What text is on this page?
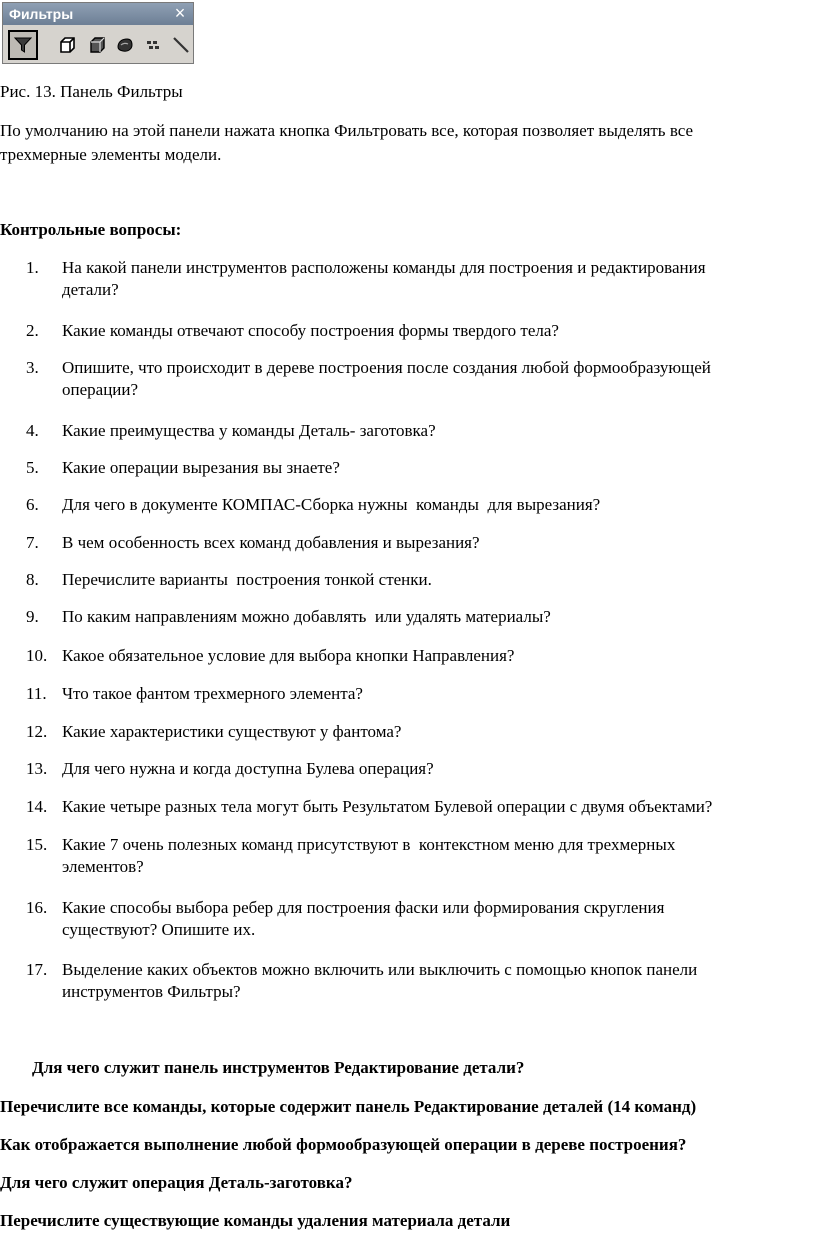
Фильтры	×
Рис. 13. Панель Фильтры
По умолчанию на этой панели нажата кнопка Фильтровать все, которая позволяет выделять все
трехмерные элементы модели.
Контрольные вопросы:
1.	На какой панели инструментов расположены команды для построения и редактирования
детали?
2.	Какие команды отвечают способу построения формы твердого тела?
3.	Опишите, что происходит в дереве построения после создания любой формообразующей
операции?
4.	Какие преимущества у команды Деталь- заготовка?
5.	Какие операции вырезания вы знаете?
6.	Для чего в документе КОМПАС-Сборка нужны  команды  для вырезания?
7.	В чем особенность всех команд добавления и вырезания?
8.	Перечислите варианты  построения тонкой стенки.
9.	По каким направлениям можно добавлять  или удалять материалы?
10. Какое обязательное условие для выбора кнопки Направления?
11. Что такое фантом трехмерного элемента?
12. Какие характеристики существуют у фантома?
13. Для чего нужна и когда доступна Булева операция?
14. Какие четыре разных тела могут быть Результатом Булевой операции с двумя объектами?
15. Какие 7 очень полезных команд присутствуют в  контекстном меню для трехмерных
элементов?
16. Какие способы выбора ребер для построения фаски или формирования скругления
существуют? Опишите их.
17. Выделение каких объектов можно включить или выключить с помощью кнопок панели
инструментов Фильтры?
Для чего служит панель инструментов Редактирование детали?
Перечислите все команды, которые содержит панель Редактирование деталей (14 команд)
Как отображается выполнение любой формообразующей операции в дереве построения?
Для чего служит операция Деталь-заготовка?
Перечислите существующие команды удаления материала детали
